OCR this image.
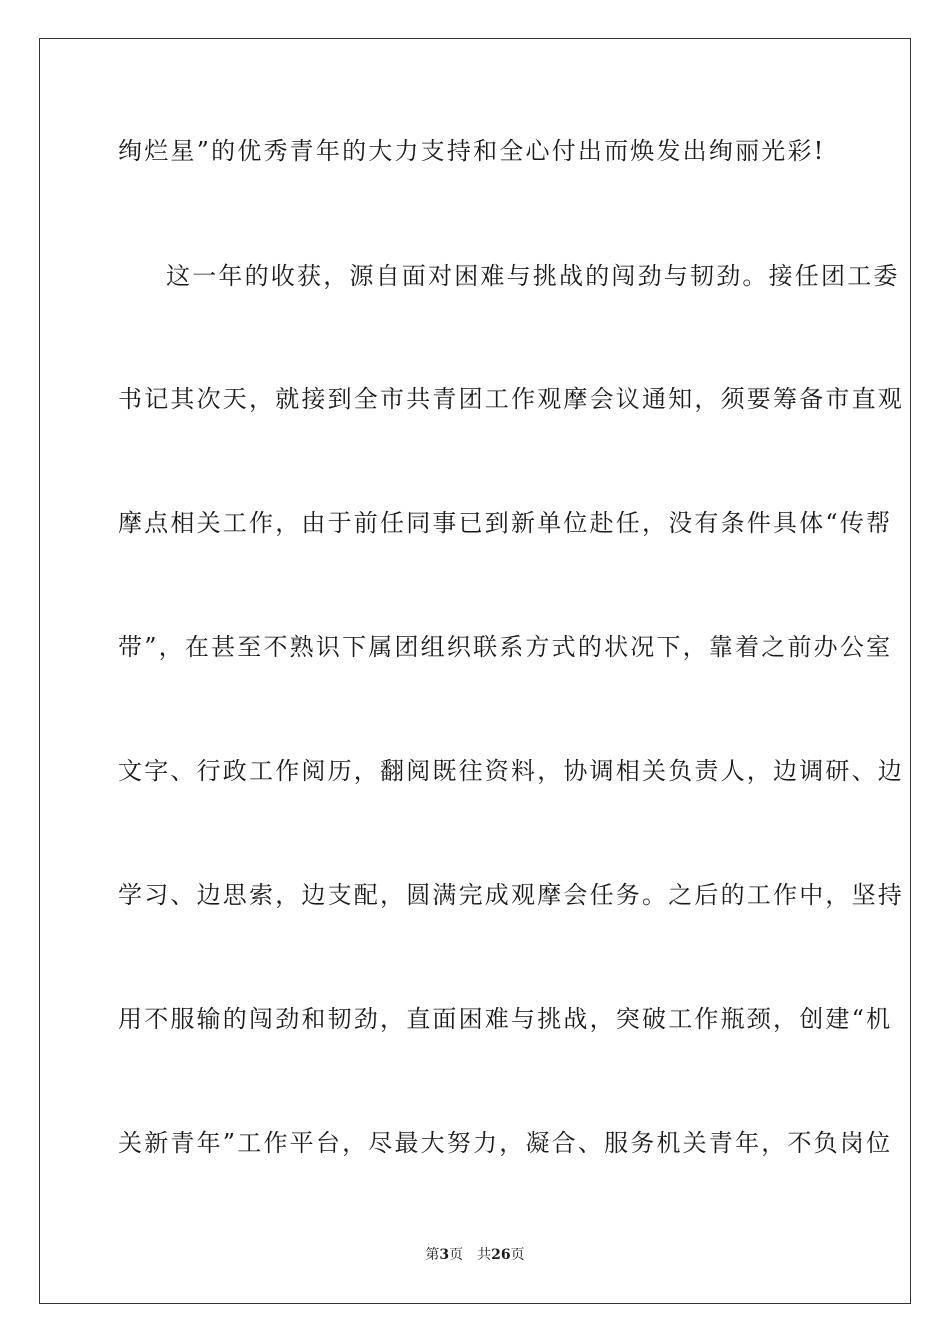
绚烂星”的优秀青年的大力支持和全心付出而焕发出绚丽光彩!
这一年的收获，源自面对困难与挑战的闯劲与韧劲。接任团工委
书记其次天，就接到全市共青团工作观摩会议通知，须要筹备市直观
摩点相关工作，由于前任同事已到新单位赴任，没有条件具体“传帮
带”，在甚至不熟识下属团组织联系方式的状况下，靠着之前办公室
文字、行政工作阅历，翻阅既往资料，协调相关负责人，边调研、边
学习、边思索，边支配，圆满完成观摩会任务。之后的工作中，坚持
用不服输的闯劲和韧劲，直面困难与挑战，突破工作瓶颈，创建“机
关新青年”工作平台，尽最大努力，凝合、服务机关青年，不负岗位
第3页 共26页
